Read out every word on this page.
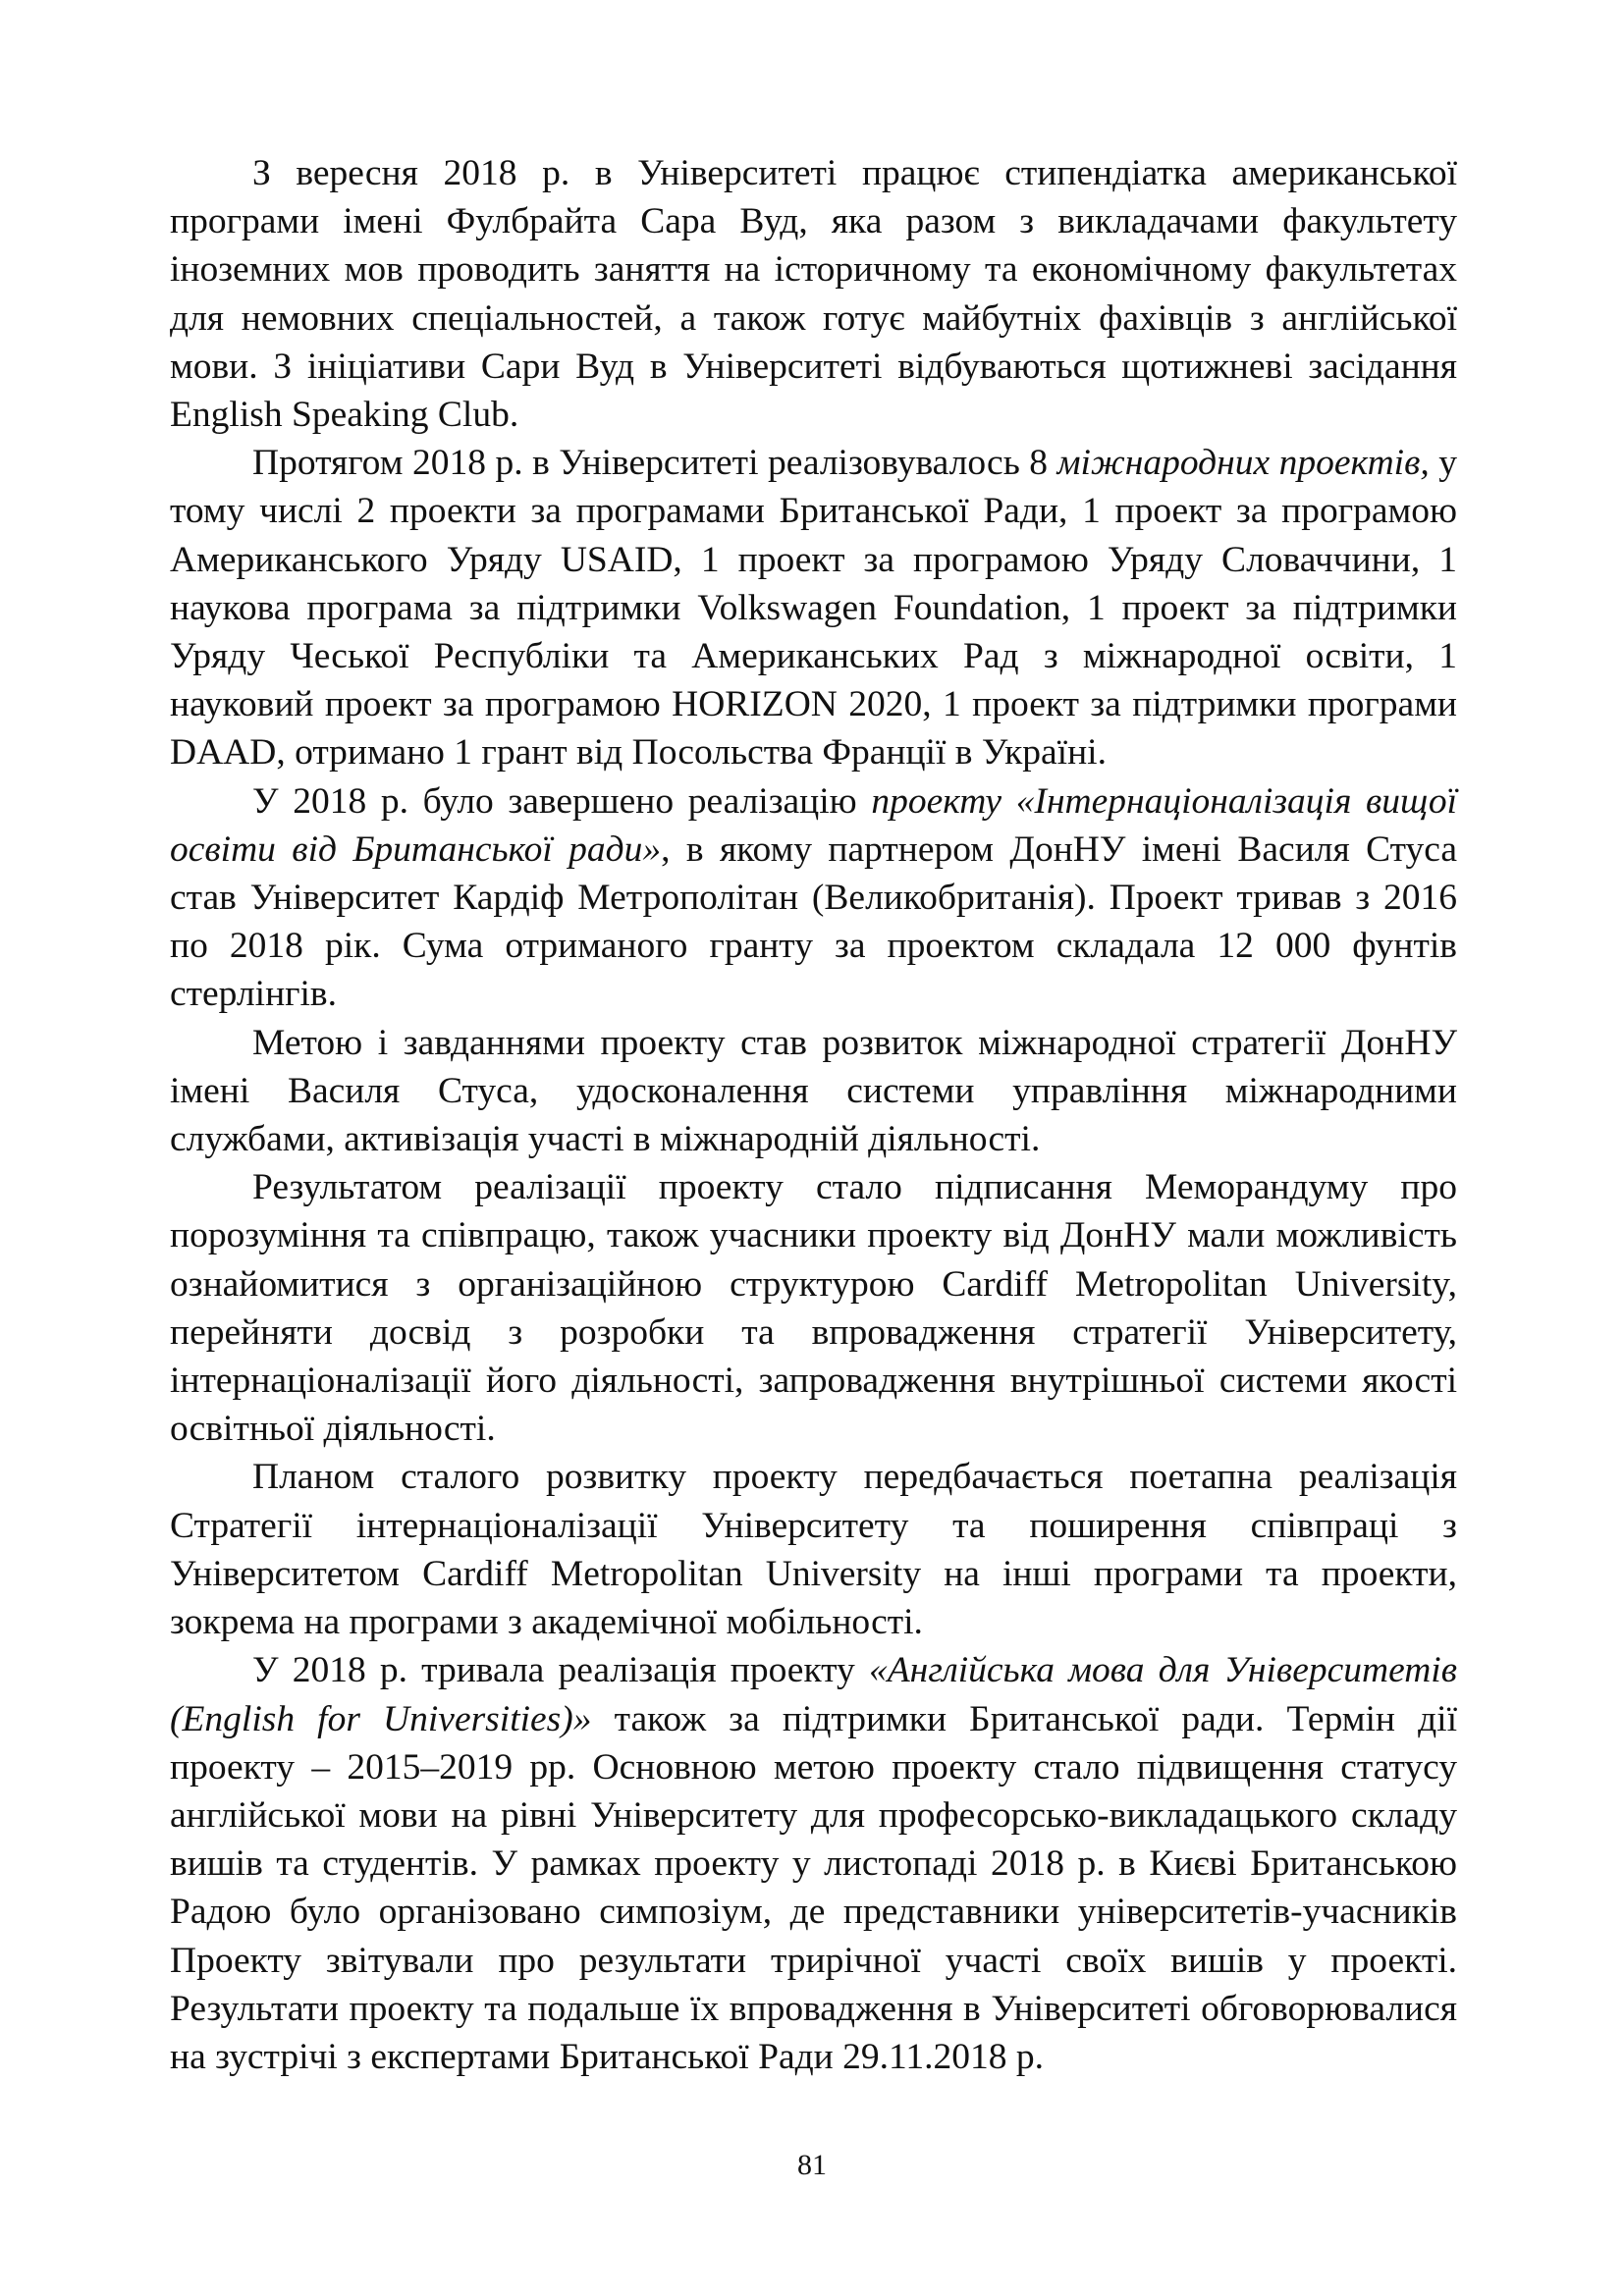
З вересня 2018 р. в Університеті працює стипендіатка американської програми імені Фулбрайта Сара Вуд, яка разом з викладачами факультету іноземних мов проводить заняття на історичному та економічному факультетах для немовних спеціальностей, а також готує майбутніх фахівців з англійської мови. З ініціативи Сари Вуд в Університеті відбуваються щотижневі засідання English Speaking Club.

Протягом 2018 р. в Університеті реалізовувалось 8 міжнародних проектів, у тому числі 2 проекти за програмами Британської Ради, 1 проект за програмою Американського Уряду USAID, 1 проект за програмою Уряду Словаччини, 1 наукова програма за підтримки Volkswagen Foundation, 1 проект за підтримки Уряду Чеської Республіки та Американських Рад з міжнародної освіти, 1 науковий проект за програмою HORIZON 2020, 1 проект за підтримки програми DAAD, отримано 1 грант від Посольства Франції в Україні.

У 2018 р. було завершено реалізацію проекту «Інтернаціоналізація вищої освіти від Британської ради», в якому партнером ДонНУ імені Василя Стуса став Університет Кардіф Метрополітан (Великобританія). Проект тривав з 2016 по 2018 рік. Сума отриманого гранту за проектом складала 12 000 фунтів стерлінгів.

Метою і завданнями проекту став розвиток міжнародної стратегії ДонНУ імені Василя Стуса, удосконалення системи управління міжнародними службами, активізація участі в міжнародній діяльності.

Результатом реалізації проекту стало підписання Меморандуму про порозуміння та співпрацю, також учасники проекту від ДонНУ мали можливість ознайомитися з організаційною структурою Cardiff Metropolitan University, перейняти досвід з розробки та впровадження стратегії Університету, інтернаціоналізації його діяльності, запровадження внутрішньої системи якості освітньої діяльності.

Планом сталого розвитку проекту передбачається поетапна реалізація Стратегії інтернаціоналізації Університету та поширення співпраці з Університетом Cardiff Metropolitan University на інші програми та проекти, зокрема на програми з академічної мобільності.

У 2018 р. тривала реалізація проекту «Англійська мова для Університетів (English for Universities)» також за підтримки Британської ради. Термін дії проекту – 2015–2019 рр. Основною метою проекту стало підвищення статусу англійської мови на рівні Університету для професорсько-викладацького складу вишів та студентів. У рамках проекту у листопаді 2018 р. в Києві Британською Радою було організовано симпозіум, де представники університетів-учасників Проекту звітували про результати трирічної участі своїх вишів у проекті. Результати проекту та подальше їх впровадження в Університеті обговорювалися на зустрічі з експертами Британської Ради 29.11.2018 р.

81
